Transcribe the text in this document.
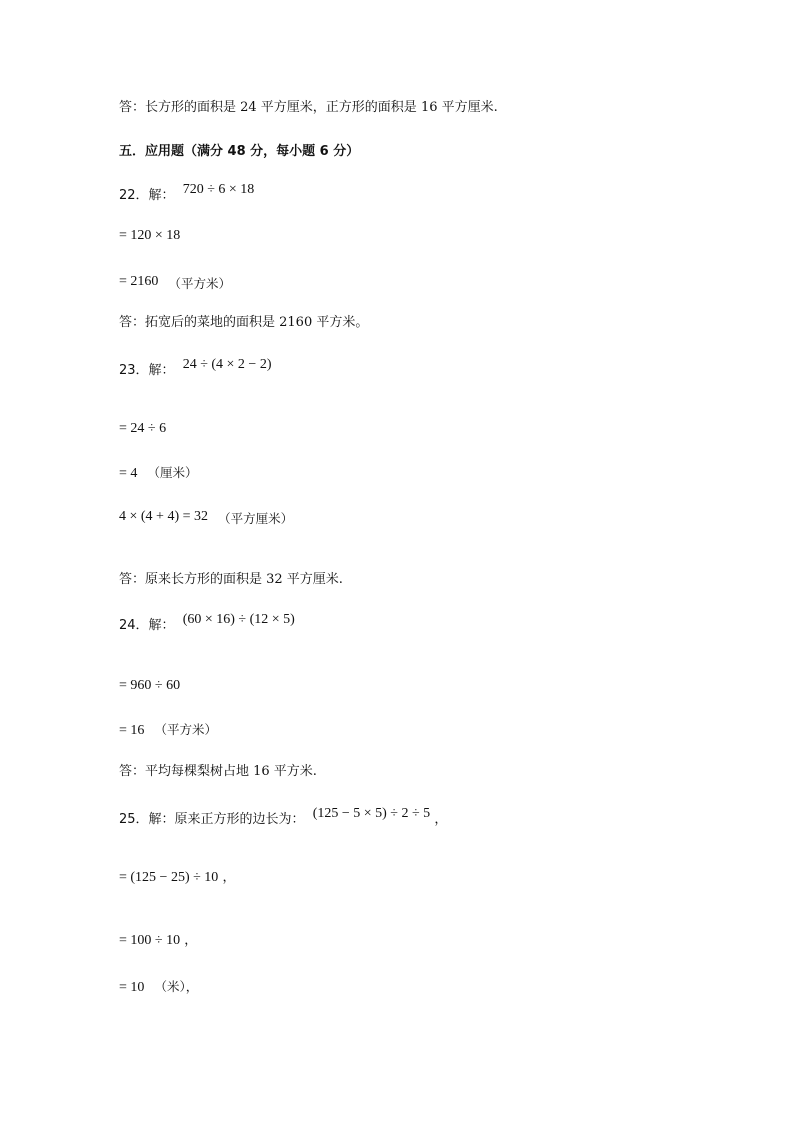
答：长方形的面积是 24 平方厘米，正方形的面积是 16 平方厘米.
五．应用题（满分 48 分，每小题 6 分）
22．解： 720 ÷ 6 × 18
= 120 × 18
= 2160 （平方米）
答：拓宽后的菜地的面积是 2160 平方米。
23．解： 24 ÷ (4 × 2 − 2)
= 24 ÷ 6
= 4 （厘米）
4 × (4 + 4) = 32 （平方厘米）
答：原来长方形的面积是 32 平方厘米.
24．解： (60 × 16) ÷ (12 × 5)
= 960 ÷ 60
= 16 （平方米）
答：平均每棵梨树占地 16 平方米.
25．解：原来正方形的边长为： (125 − 5 × 5) ÷ 2 ÷ 5 ，
= (125 − 25) ÷ 10 ，
= 100 ÷ 10 ，
= 10 （米），
